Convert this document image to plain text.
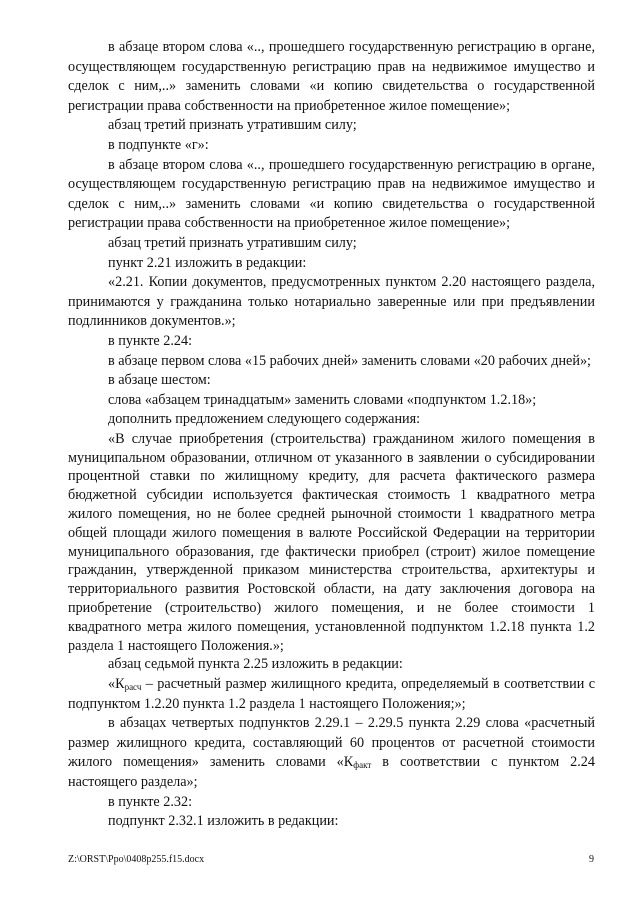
в абзаце втором слова «.., прошедшего государственную регистрацию в органе, осуществляющем государственную регистрацию прав на недвижимое имущество и сделок с ним,..» заменить словами «и копию свидетельства о государственной регистрации права собственности на приобретенное жилое помещение»;

абзац третий признать утратившим силу;

в подпункте «г»:

в абзаце втором слова «.., прошедшего государственную регистрацию в органе, осуществляющем государственную регистрацию прав на недвижимое имущество и сделок с ним,..» заменить словами «и копию свидетельства о государственной регистрации права собственности на приобретенное жилое помещение»;

абзац третий признать утратившим силу;

пункт 2.21 изложить в редакции:

«2.21. Копии документов, предусмотренных пунктом 2.20 настоящего раздела, принимаются у гражданина только нотариально заверенные или при предъявлении подлинников документов.»;

в пункте 2.24:

в абзаце первом слова «15 рабочих дней» заменить словами «20 рабочих дней»;

в абзаце шестом:

слова «абзацем тринадцатым» заменить словами «подпунктом 1.2.18»;

дополнить предложением следующего содержания:

«В случае приобретения (строительства) гражданином жилого помещения в муниципальном образовании, отличном от указанного в заявлении о субсидировании процентной ставки по жилищному кредиту, для расчета фактического размера бюджетной субсидии используется фактическая стоимость 1 квадратного метра жилого помещения, но не более средней рыночной стоимости 1 квадратного метра общей площади жилого помещения в валюте Российской Федерации на территории муниципального образования, где фактически приобрел (строит) жилое помещение гражданин, утвержденной приказом министерства строительства, архитектуры и территориального развития Ростовской области, на дату заключения договора на приобретение (строительство) жилого помещения, и не более стоимости 1 квадратного метра жилого помещения, установленной подпунктом 1.2.18 пункта 1.2 раздела 1 настоящего Положения.»;

абзац седьмой пункта 2.25 изложить в редакции:

«$К_{расч}$ – расчетный размер жилищного кредита, определяемый в соответствии с подпунктом 1.2.20 пункта 1.2 раздела 1 настоящего Положения;»;

в абзацах четвертых подпунктов 2.29.1 – 2.29.5 пункта 2.29 слова «расчетный размер жилищного кредита, составляющий 60 процентов от расчетной стоимости жилого помещения» заменить словами «$К_{факт}$ в соответствии с пунктом 2.24 настоящего раздела»;

в пункте 2.32:

подпункт 2.32.1 изложить в редакции:

Z:\ORST\Ppo\0408p255.f15.docx	9
